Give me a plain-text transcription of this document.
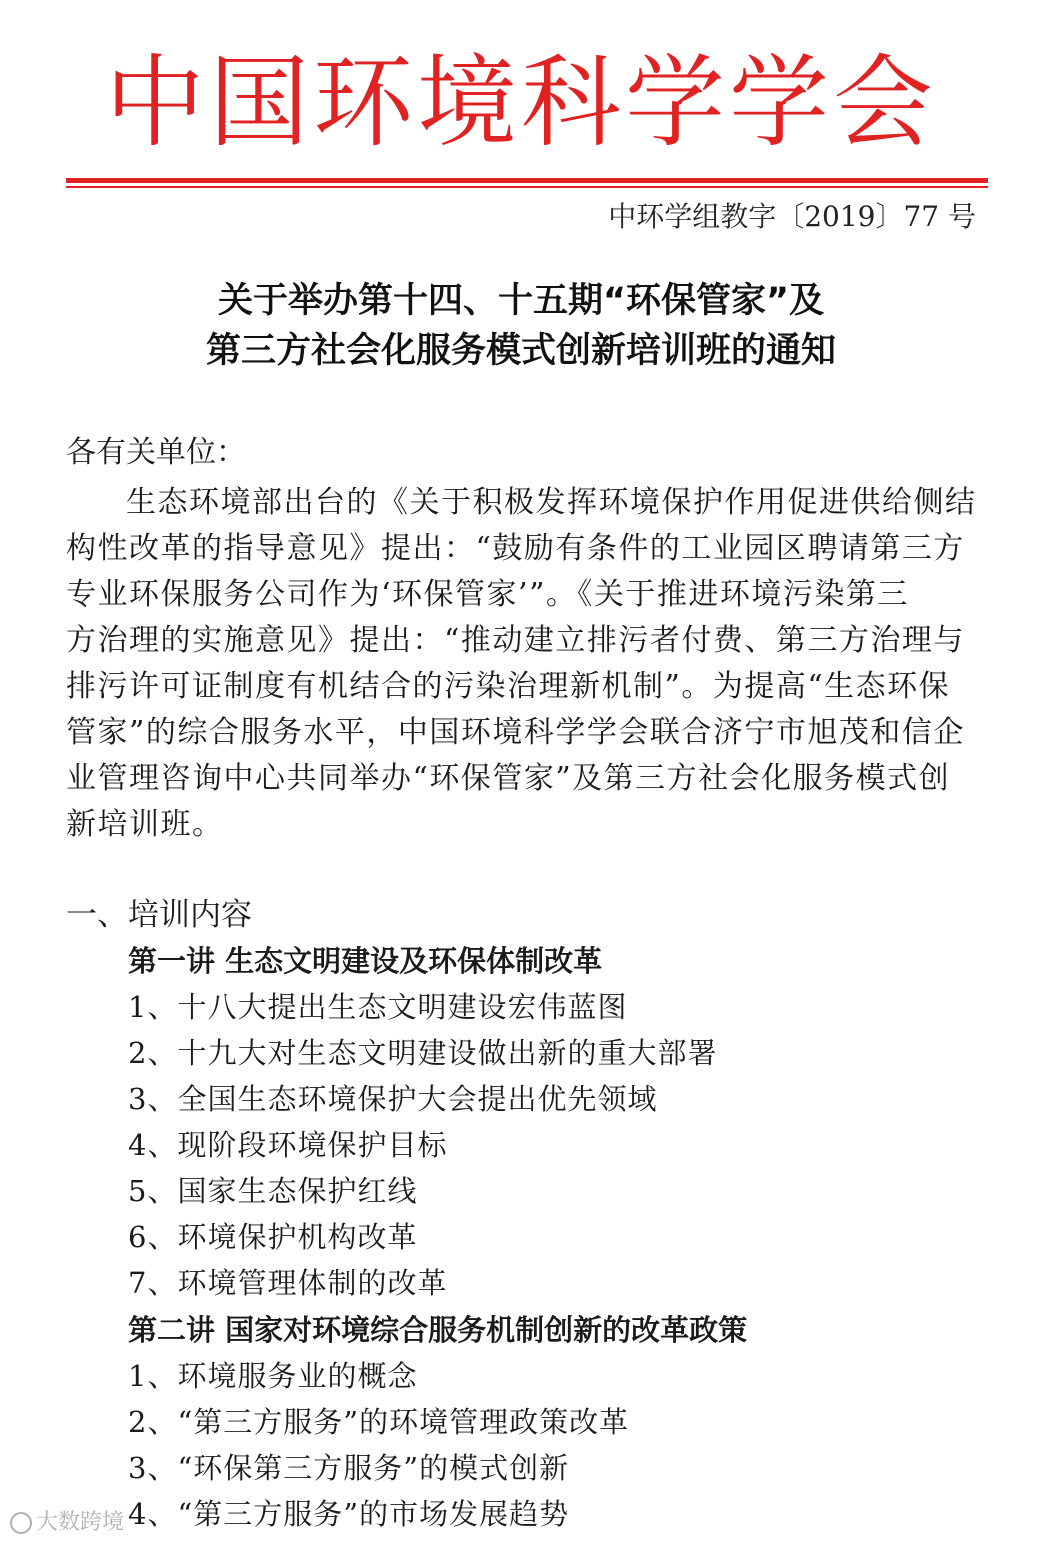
中国环境科学学会
中环学组教字〔2019〕77 号
关于举办第十四、十五期“环保管家”及
第三方社会化服务模式创新培训班的通知
各有关单位：
生态环境部出台的《关于积极发挥环境保护作用促进供给侧结
构性改革的指导意见》提出：“鼓励有条件的工业园区聘请第三方
专业环保服务公司作为‘环保管家’”。《关于推进环境污染第三
方治理的实施意见》提出：“推动建立排污者付费、第三方治理与
排污许可证制度有机结合的污染治理新机制”。为提高“生态环保
管家”的综合服务水平，中国环境科学学会联合济宁市旭茂和信企
业管理咨询中心共同举办“环保管家”及第三方社会化服务模式创
新培训班。
一、培训内容
第一讲 生态文明建设及环保体制改革
1、十八大提出生态文明建设宏伟蓝图
2、十九大对生态文明建设做出新的重大部署
3、全国生态环境保护大会提出优先领域
4、现阶段环境保护目标
5、国家生态保护红线
6、环境保护机构改革
7、环境管理体制的改革
第二讲 国家对环境综合服务机制创新的改革政策
1、环境服务业的概念
2、“第三方服务”的环境管理政策改革
3、“环保第三方服务”的模式创新
4、“第三方服务”的市场发展趋势
大数跨境
